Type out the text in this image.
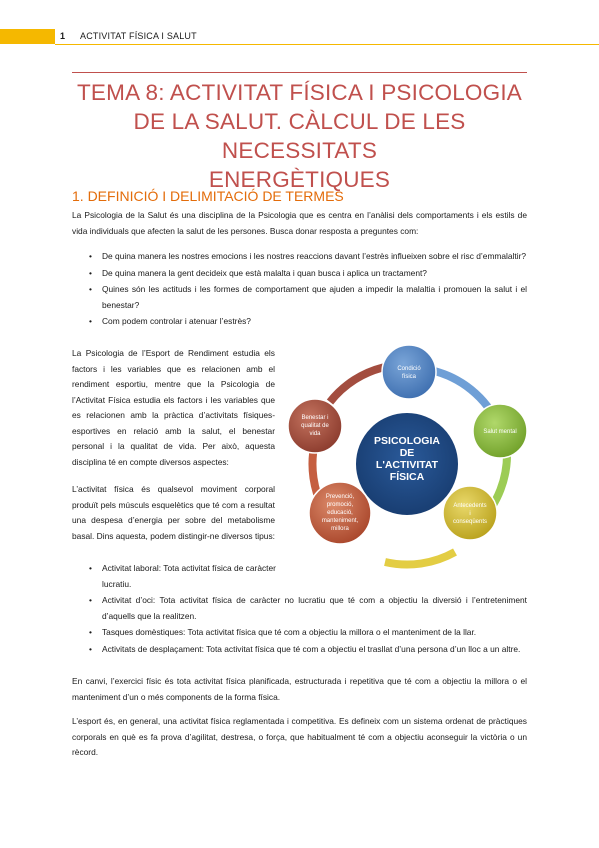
1 ACTIVITAT FÍSICA I SALUT
TEMA 8: ACTIVITAT FÍSICA I PSICOLOGIA
DE LA SALUT. CÀLCUL DE LES NECESSITATS
ENERGÈTIQUES
1. DEFINICIÓ I DELIMITACIÓ DE TERMES
La Psicologia de la Salut és una disciplina de la Psicologia que es centra en l’anàlisi dels comportaments i els estils de vida individuals que afecten la salut de les persones. Busca donar resposta a preguntes com:
• De quina manera les nostres emocions i les nostres reaccions davant l’estrès influeixen sobre el risc d’emmalaltir?
• De quina manera la gent decideix que està malalta i quan busca i aplica un tractament?
• Quines són les actituds i les formes de comportament que ajuden a impedir la malaltia i promouen la salut i el benestar?
• Com podem controlar i atenuar l’estrès?
La Psicologia de l’Esport de Rendiment estudia els factors i les variables que es relacionen amb el rendiment esportiu, mentre que la Psicologia de l’Activitat Física estudia els factors i les variables que es relacionen amb la pràctica d’activitats físiques-esportives en relació amb la salut, el benestar personal i la qualitat de vida. Per això, aquesta disciplina té en compte diversos aspectes:
L’activitat física és qualsevol moviment corporal produït pels músculs esquelètics que té com a resultat una despesa d’energia per sobre del metabolisme basal. Dins aquesta, podem distingir-ne diversos tipus:
PSICOLOGIA
DE
L'ACTIVITAT
FÍSICA
Condició
física
Salut mental
Antecedents
i
conseqüents
Prevenció,
promoció,
educació,
manteniment,
millora
Benestar i
qualitat de
vida
• Activitat laboral: Tota activitat física de caràcter lucratiu.
• Activitat d’oci: Tota activitat física de caràcter no lucratiu que té com a objectiu la diversió i l’entreteniment d’aquells que la realitzen.
• Tasques domèstiques: Tota activitat física que té com a objectiu la millora o el manteniment de la llar.
• Activitats de desplaçament: Tota activitat física que té com a objectiu el trasllat d’una persona d’un lloc a un altre.
En canvi, l’exercici físic és tota activitat física planificada, estructurada i repetitiva que té com a objectiu la millora o el manteniment d’un o més components de la forma física.
L’esport és, en general, una activitat física reglamentada i competitiva. Es defineix com un sistema ordenat de pràctiques corporals en què es fa prova d’agilitat, destresa, o força, que habitualment té com a objectiu aconseguir la victòria o un rècord.
